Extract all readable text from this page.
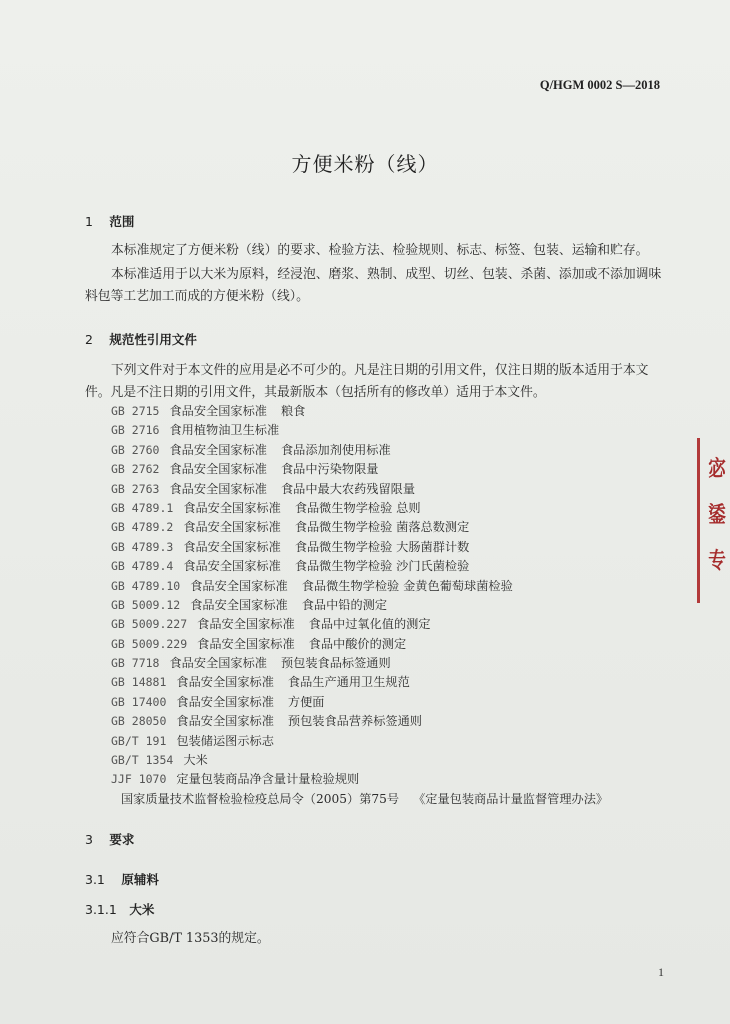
Q/HGM 0002 S—2018
方便米粉（线）
1 范围

本标准规定了方便米粉（线）的要求、检验方法、检验规则、标志、标签、包装、运输和贮存。

本标准适用于以大米为原料，经浸泡、磨浆、熟制、成型、切丝、包装、杀菌、添加或不添加调味料包等工艺加工而成的方便米粉（线）。

2 规范性引用文件

下列文件对于本文件的应用是必不可少的。凡是注日期的引用文件，仅注日期的版本适用于本文件。凡是不注日期的引用文件，其最新版本（包括所有的修改单）适用于本文件。

GB 2715 食品安全国家标准 粮食
GB 2716 食用植物油卫生标准
GB 2760 食品安全国家标准 食品添加剂使用标准
GB 2762 食品安全国家标准 食品中污染物限量
GB 2763 食品安全国家标准 食品中最大农药残留限量
GB 4789.1 食品安全国家标准 食品微生物学检验 总则
GB 4789.2 食品安全国家标准 食品微生物学检验 菌落总数测定
GB 4789.3 食品安全国家标准 食品微生物学检验 大肠菌群计数
GB 4789.4 食品安全国家标准 食品微生物学检验 沙门氏菌检验
GB 4789.10 食品安全国家标准 食品微生物学检验 金黄色葡萄球菌检验
GB 5009.12 食品安全国家标准 食品中铅的测定
GB 5009.227 食品安全国家标准 食品中过氧化值的测定
GB 5009.229 食品安全国家标准 食品中酸价的测定
GB 7718 食品安全国家标准 预包装食品标签通则
GB 14881 食品安全国家标准 食品生产通用卫生规范
GB 17400 食品安全国家标准 方便面
GB 28050 食品安全国家标准 预包装食品营养标签通则
GB/T 191 包装储运图示标志
GB/T 1354 大米
JJF 1070 定量包装商品净含量计量检验规则
国家质量技术监督检验检疫总局令（2005）第75号 《定量包装商品计量监督管理办法》
3 要求
3.1 原辅料
3.1.1 大米

应符合GB/T 1353的规定。

1
宓
鋈
专
